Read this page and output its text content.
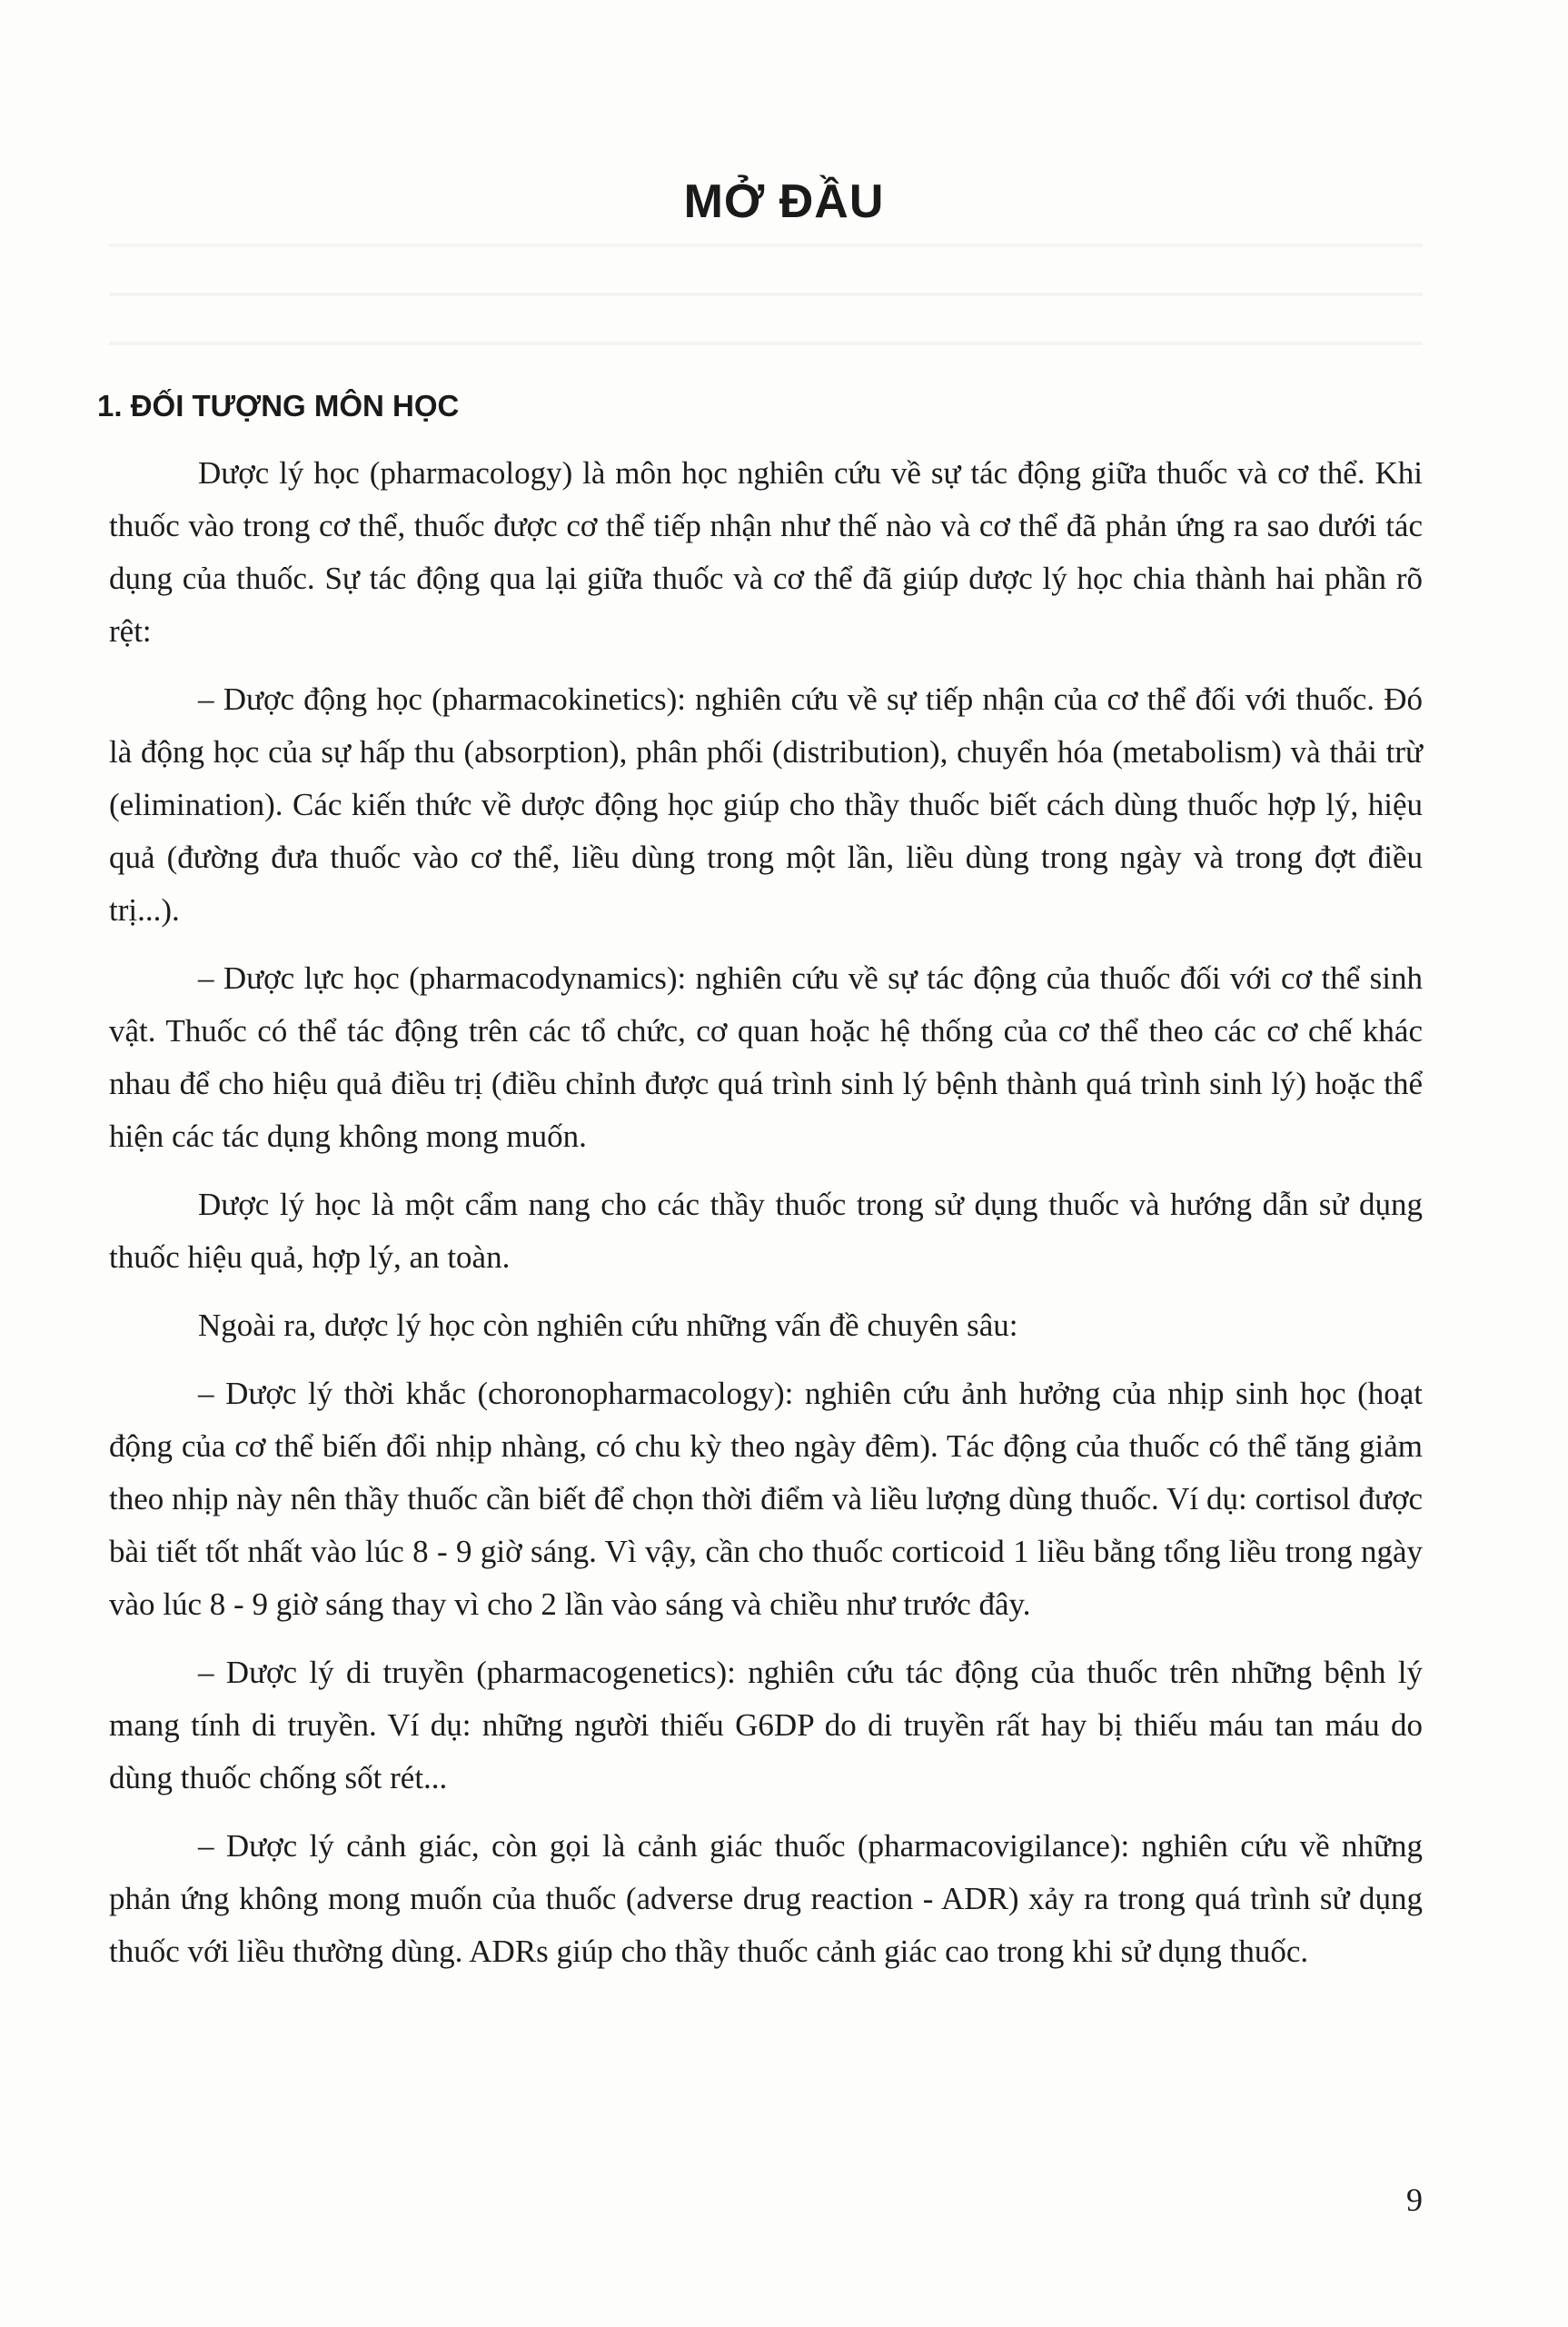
MỞ ĐẦU
1. ĐỐI TƯỢNG MÔN HỌC

Dược lý học (pharmacology) là môn học nghiên cứu về sự tác động giữa thuốc và cơ thể. Khi thuốc vào trong cơ thể, thuốc được cơ thể tiếp nhận như thế nào và cơ thể đã phản ứng ra sao dưới tác dụng của thuốc. Sự tác động qua lại giữa thuốc và cơ thể đã giúp dược lý học chia thành hai phần rõ rệt:

– Dược động học (pharmacokinetics): nghiên cứu về sự tiếp nhận của cơ thể đối với thuốc. Đó là động học của sự hấp thu (absorption), phân phối (distribution), chuyển hóa (metabolism) và thải trừ (elimination). Các kiến thức về dược động học giúp cho thầy thuốc biết cách dùng thuốc hợp lý, hiệu quả (đường đưa thuốc vào cơ thể, liều dùng trong một lần, liều dùng trong ngày và trong đợt điều trị...).

– Dược lực học (pharmacodynamics): nghiên cứu về sự tác động của thuốc đối với cơ thể sinh vật. Thuốc có thể tác động trên các tổ chức, cơ quan hoặc hệ thống của cơ thể theo các cơ chế khác nhau để cho hiệu quả điều trị (điều chỉnh được quá trình sinh lý bệnh thành quá trình sinh lý) hoặc thể hiện các tác dụng không mong muốn.

Dược lý học là một cẩm nang cho các thầy thuốc trong sử dụng thuốc và hướng dẫn sử dụng thuốc hiệu quả, hợp lý, an toàn.

Ngoài ra, dược lý học còn nghiên cứu những vấn đề chuyên sâu:

– Dược lý thời khắc (choronopharmacology): nghiên cứu ảnh hưởng của nhịp sinh học (hoạt động của cơ thể biến đổi nhịp nhàng, có chu kỳ theo ngày đêm). Tác động của thuốc có thể tăng giảm theo nhịp này nên thầy thuốc cần biết để chọn thời điểm và liều lượng dùng thuốc. Ví dụ: cortisol được bài tiết tốt nhất vào lúc 8 - 9 giờ sáng. Vì vậy, cần cho thuốc corticoid 1 liều bằng tổng liều trong ngày vào lúc 8 - 9 giờ sáng thay vì cho 2 lần vào sáng và chiều như trước đây.

– Dược lý di truyền (pharmacogenetics): nghiên cứu tác động của thuốc trên những bệnh lý mang tính di truyền. Ví dụ: những người thiếu G6DP do di truyền rất hay bị thiếu máu tan máu do dùng thuốc chống sốt rét...

– Dược lý cảnh giác, còn gọi là cảnh giác thuốc (pharmacovigilance): nghiên cứu về những phản ứng không mong muốn của thuốc (adverse drug reaction - ADR) xảy ra trong quá trình sử dụng thuốc với liều thường dùng. ADRs giúp cho thầy thuốc cảnh giác cao trong khi sử dụng thuốc.

9
